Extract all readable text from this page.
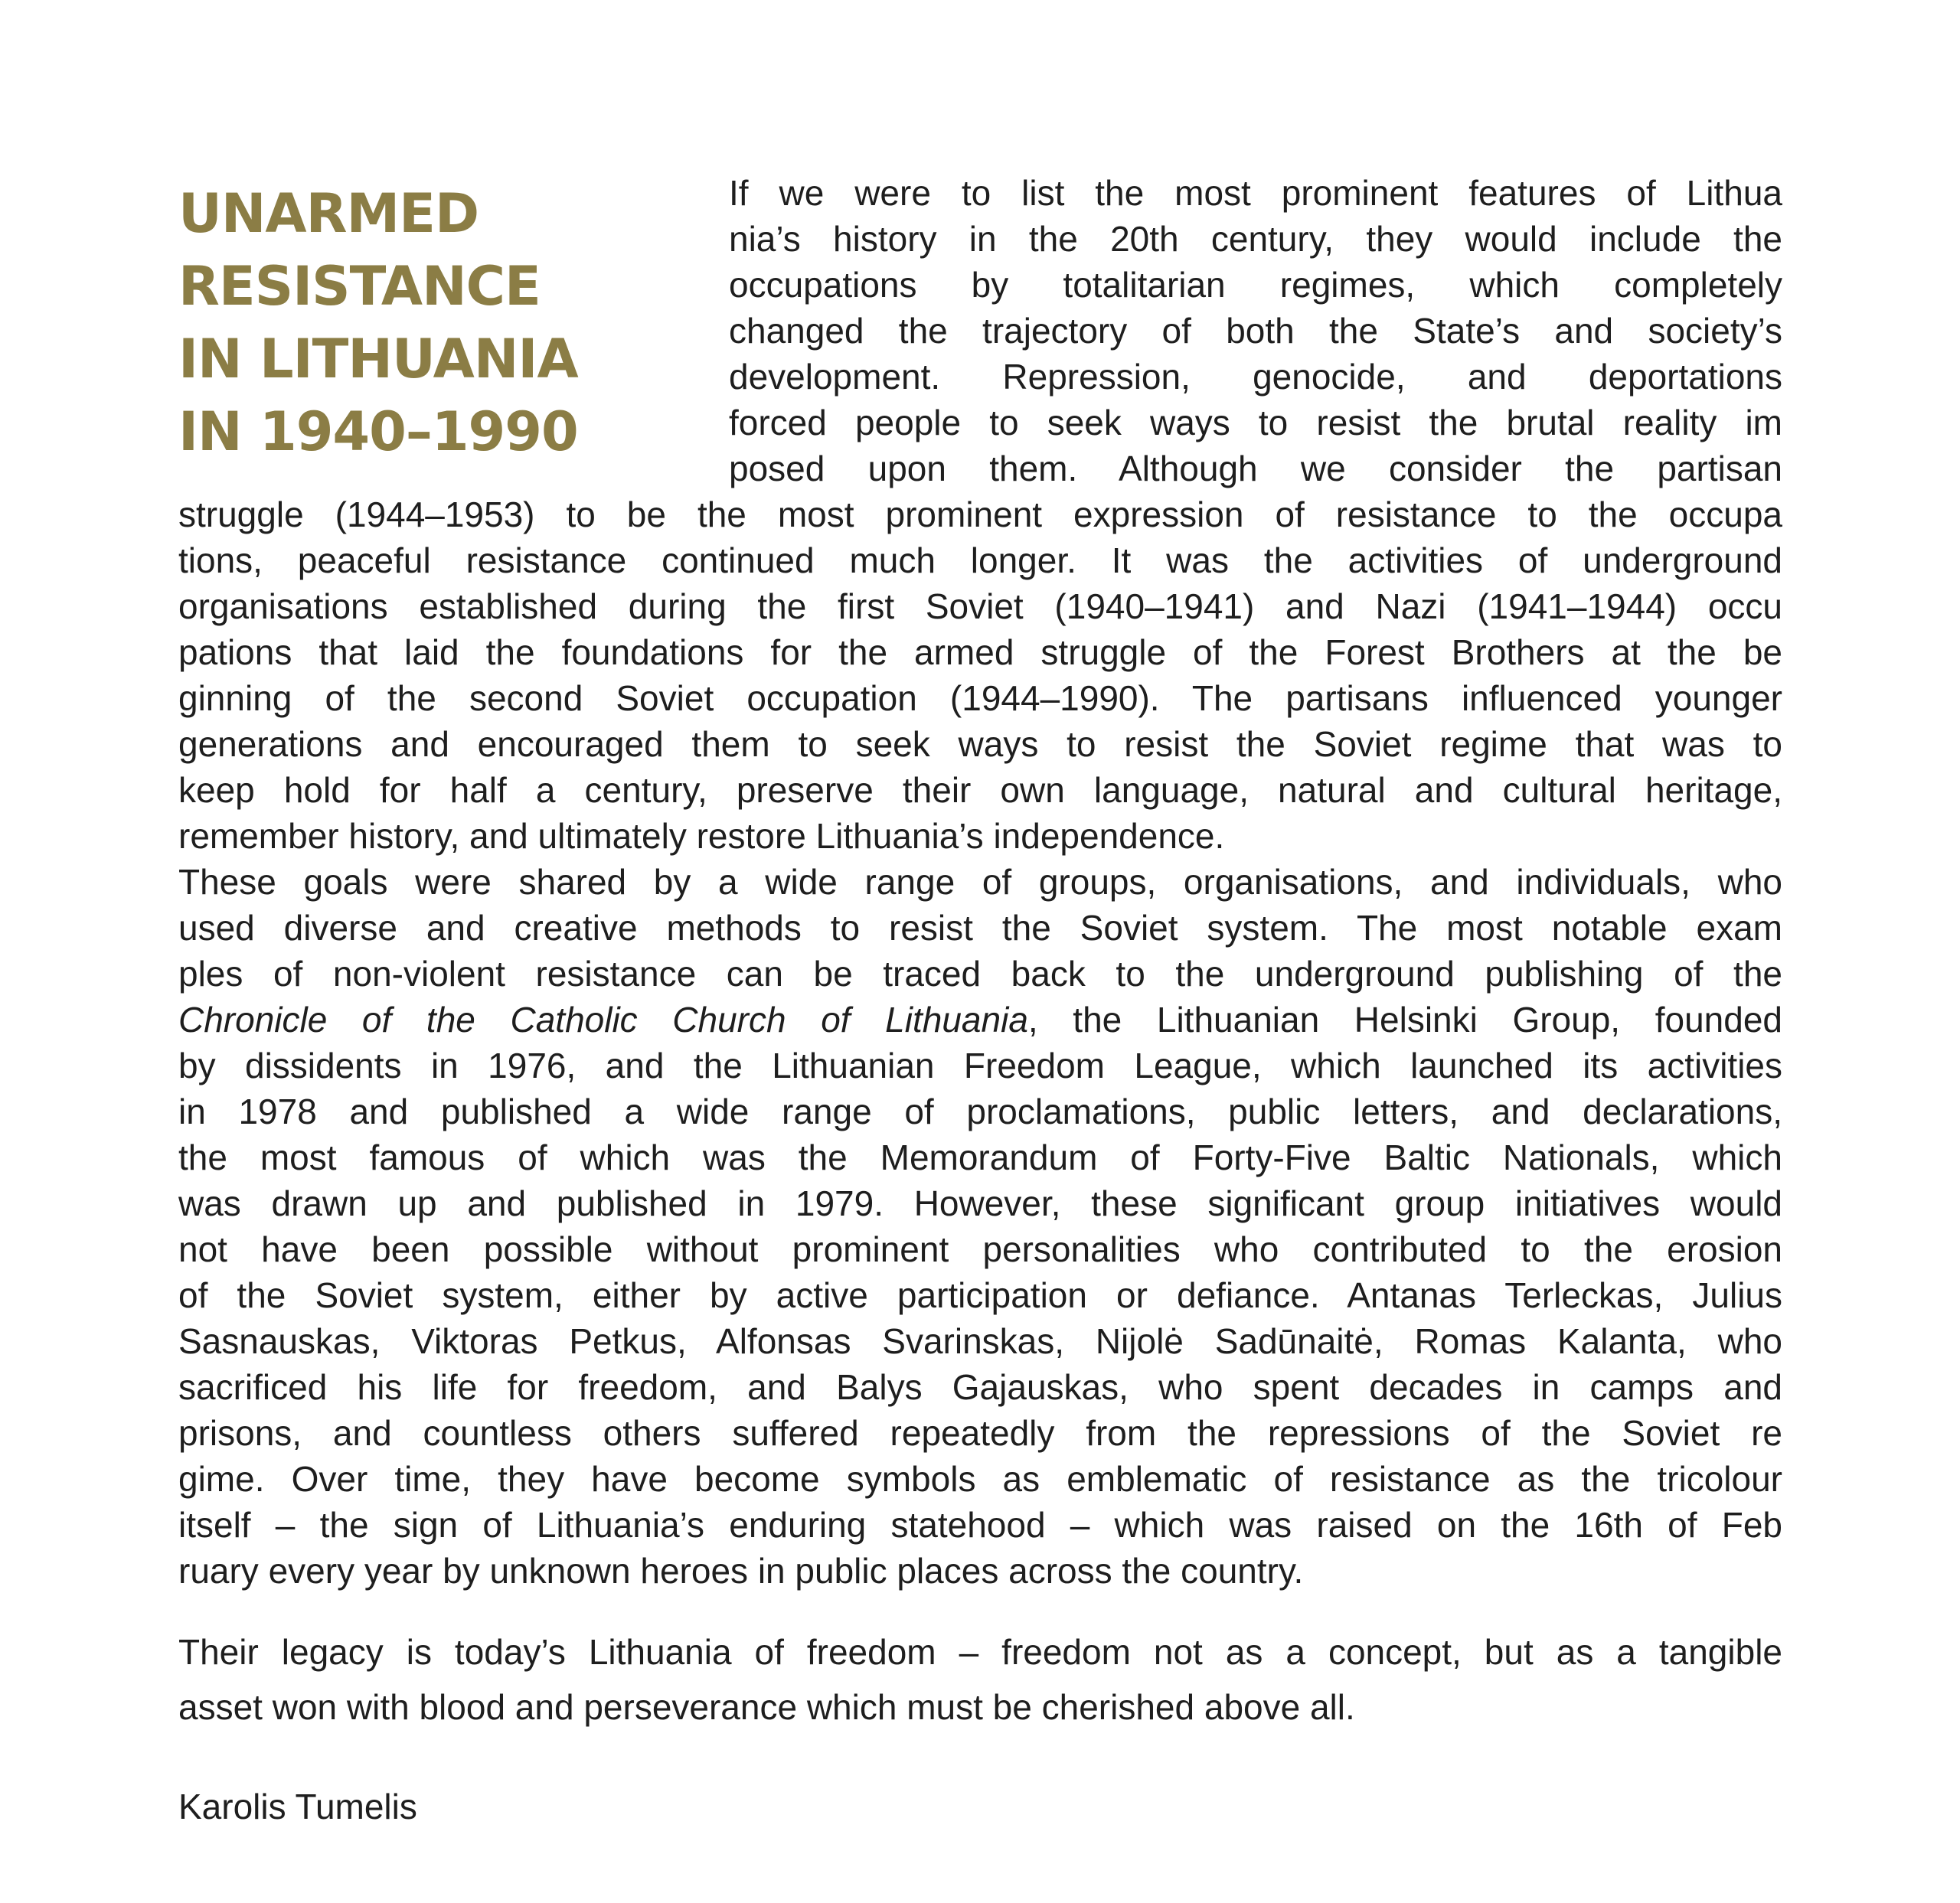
UNARMED
RESISTANCE
IN LITHUANIA
IN 1940–1990
If we were to list the most prominent features of Lithua
nia’s history in the 20th century, they would include the
occupations by totalitarian regimes, which completely
changed the trajectory of both the State’s and society’s
development. Repression, genocide, and deportations
forced people to seek ways to resist the brutal reality im
posed upon them. Although we consider the partisan
struggle (1944–1953) to be the most prominent expression of resistance to the occupa
tions, peaceful resistance continued much longer. It was the activities of underground
organisations established during the first Soviet (1940–1941) and Nazi (1941–1944) occu
pations that laid the foundations for the armed struggle of the Forest Brothers at the be
ginning of the second Soviet occupation (1944–1990). The partisans influenced younger
generations and encouraged them to seek ways to resist the Soviet regime that was to
keep hold for half a century, preserve their own language, natural and cultural heritage,
remember history, and ultimately restore Lithuania’s independence.
These goals were shared by a wide range of groups, organisations, and individuals, who
used diverse and creative methods to resist the Soviet system. The most notable exam
ples of non-violent resistance can be traced back to the underground publishing of the
Chronicle of the Catholic Church of Lithuania, the Lithuanian Helsinki Group, founded
by dissidents in 1976, and the Lithuanian Freedom League, which launched its activities
in 1978 and published a wide range of proclamations, public letters, and declarations,
the most famous of which was the Memorandum of Forty-Five Baltic Nationals, which
was drawn up and published in 1979. However, these significant group initiatives would
not have been possible without prominent personalities who contributed to the erosion
of the Soviet system, either by active participation or defiance. Antanas Terleckas, Julius
Sasnauskas, Viktoras Petkus, Alfonsas Svarinskas, Nijolė Sadūnaitė, Romas Kalanta, who
sacrificed his life for freedom, and Balys Gajauskas, who spent decades in camps and
prisons, and countless others suffered repeatedly from the repressions of the Soviet re
gime. Over time, they have become symbols as emblematic of resistance as the tricolour
itself – the sign of Lithuania’s enduring statehood – which was raised on the 16th of Feb
ruary every year by unknown heroes in public places across the country.
Their legacy is today’s Lithuania of freedom – freedom not as a concept, but as a tangible
asset won with blood and perseverance which must be cherished above all.
Karolis Tumelis
